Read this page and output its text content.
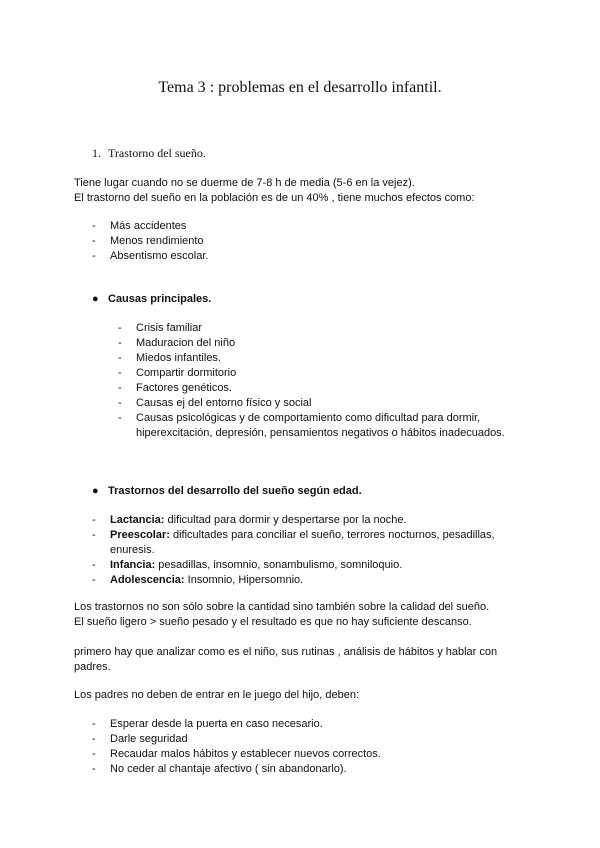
Tema 3 : problemas en el desarrollo infantil.
1. Trastorno del sueño.

Tiene lugar cuando no se duerme de 7-8 h de media (5-6 en la vejez).

El trastorno del sueño en la población es de un 40% , tiene muchos efectos como:

- Más accidentes
- Menos rendimiento
- Absentismo escolar.
● Causas principales.
- Crisis familiar
- Maduracion del niño
- Miedos infantiles.
- Compartir dormitorio
- Factores genéticos.
- Causas ej del entorno físico y social
- Causas psicológicas y de comportamiento como dificultad para dormir, hiperexcitación, depresión, pensamientos negativos o hábitos inadecuados.
● Trastornos del desarrollo del sueño según edad.
- Lactancia: dificultad para dormir y despertarse por la noche.
- Preescolar: dificultades para conciliar el sueño, terrores nocturnos, pesadillas, enuresis.
- Infancia: pesadillas, insomnio, sonambulismo, somniloquio.
- Adolescencia: Insomnio, Hipersomnio.

Los trastornos no son sólo sobre la cantidad sino también sobre la calidad del sueño.

El sueño ligero > sueño pesado y el resultado es que no hay suficiente descanso.

primero hay que analizar como es el niño, sus rutinas , análisis de hábitos y hablar con padres.

Los padres no deben de entrar en le juego del hijo, deben:

- Esperar desde la puerta en caso necesario.
- Darle seguridad
- Recaudar malos hábitos y establecer nuevos correctos.
- No ceder al chantaje afectivo ( sin abandonarlo).
